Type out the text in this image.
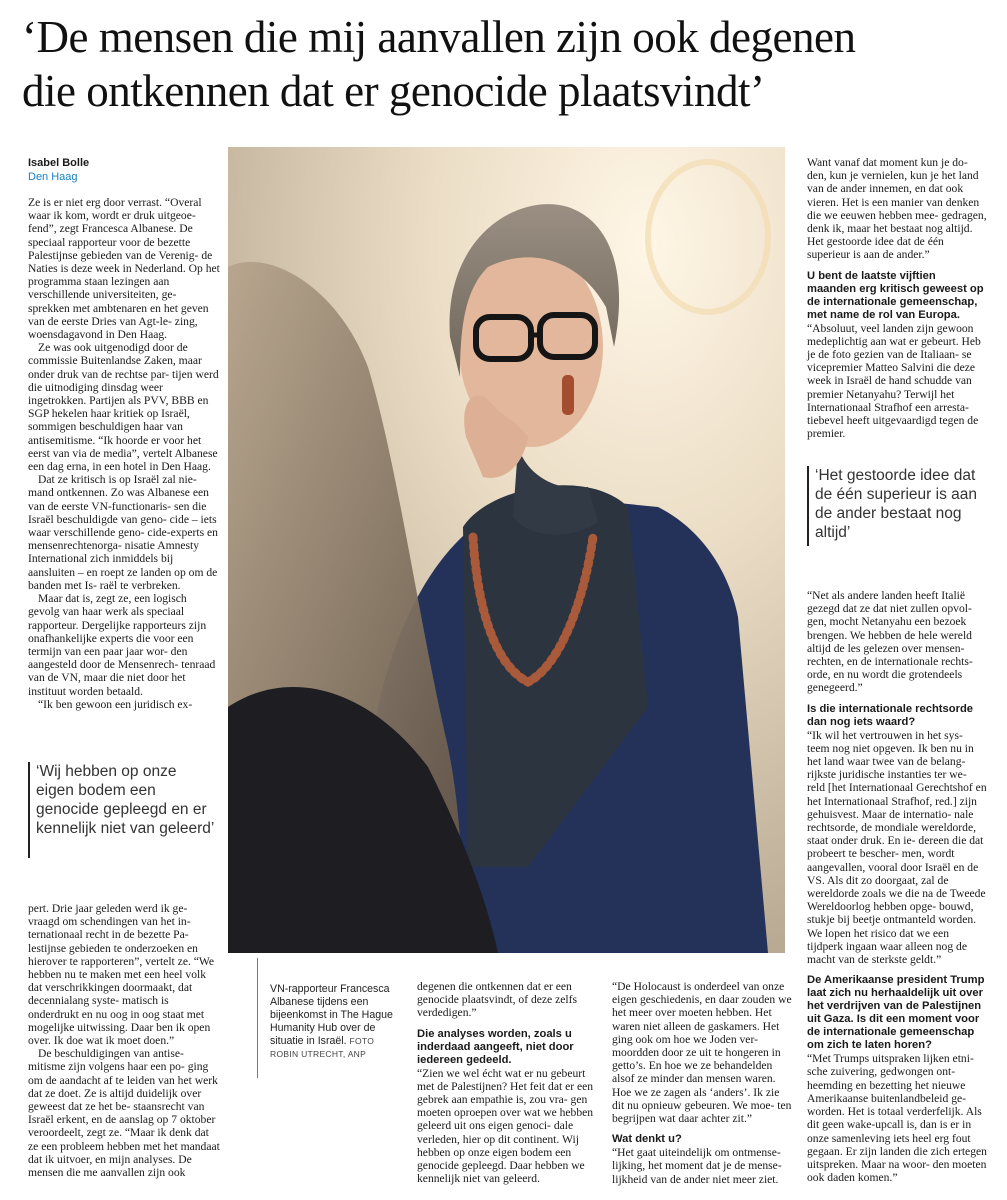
‘De mensen die mij aanvallen zijn ook degenen
die ontkennen dat er genocide plaatsvindt’
Isabel Bolle
Den Haag

Ze is er niet erg door verrast. “Overal waar ik kom, wordt er druk uitgeoe- fend”, zegt Francesca Albanese. De speciaal rapporteur voor de bezette Palestijnse gebieden van de Verenig- de Naties is deze week in Nederland. Op het programma staan lezingen aan verschillende universiteiten, ge- sprekken met ambtenaren en het geven van de eerste Dries van Agt-le- zing, woensdagavond in Den Haag.

Ze was ook uitgenodigd door de commissie Buitenlandse Zaken, maar onder druk van de rechtse par- tijen werd die uitnodiging dinsdag weer ingetrokken. Partijen als PVV, BBB en SGP hekelen haar kritiek op Israël, sommigen beschuldigen haar van antisemitisme. “Ik hoorde er voor het eerst van via de media”, vertelt Albanese een dag erna, in een hotel in Den Haag.

Dat ze kritisch is op Israël zal nie- mand ontkennen. Zo was Albanese een van de eerste VN-functionaris- sen die Israël beschuldigde van geno- cide – iets waar verschillende geno- cide-experts en mensenrechtenorga- nisatie Amnesty International zich inmiddels bij aansluiten – en roept ze landen op om de banden met Is- raël te verbreken.

Maar dat is, zegt ze, een logisch gevolg van haar werk als speciaal rapporteur. Dergelijke rapporteurs zijn onafhankelijke experts die voor een termijn van een paar jaar wor- den aangesteld door de Mensenrech- tenraad van de VN, maar die niet door het instituut worden betaald.

“Ik ben gewoon een juridisch ex-

‘Wij hebben op onze eigen bodem een genocide gepleegd en er kennelijk niet van geleerd’

pert. Drie jaar geleden werd ik ge- vraagd om schendingen van het in- ternationaal recht in de bezette Pa- lestijnse gebieden te onderzoeken en hierover te rapporteren”, vertelt ze. “We hebben nu te maken met een heel volk dat verschrikkingen doormaakt, dat decennialang syste- matisch is onderdrukt en nu oog in oog staat met mogelijke uitwissing. Daar ben ik open over. Ik doe wat ik moet doen.”

De beschuldigingen van antise- mitisme zijn volgens haar een po- ging om de aandacht af te leiden van het werk dat ze doet. Ze is altijd duidelijk over geweest dat ze het be- staansrecht van Israël erkent, en de aanslag op 7 oktober veroordeelt, zegt ze. “Maar ik denk dat ze een probleem hebben met het mandaat dat ik uitvoer, en mijn analyses. De mensen die me aanvallen zijn ook

VN-rapporteur Francesca Albanese tijdens een bijeenkomst in The Hague Humanity Hub over de situatie in Israël. FOTO
ROBIN UTRECHT, ANP

degenen die ontkennen dat er een genocide plaatsvindt, of deze zelfs verdedigen.”

Die analyses worden, zoals u inderdaad aangeeft, niet door iedereen gedeeld.

“Zien we wel écht wat er nu gebeurt met de Palestijnen? Het feit dat er een gebrek aan empathie is, zou vra- gen moeten oproepen over wat we hebben geleerd uit ons eigen genoci- dale verleden, hier op dit continent. Wij hebben op onze eigen bodem een genocide gepleegd. Daar hebben we kennelijk niet van geleerd.

“De Holocaust is onderdeel van onze eigen geschiedenis, en daar zouden we het meer over moeten hebben. Het waren niet alleen de gaskamers. Het ging ook om hoe we Joden ver- moordden door ze uit te hongeren in getto’s. En hoe we ze behandelden alsof ze minder dan mensen waren. Hoe we ze zagen als ‘anders’. Ik zie dit nu opnieuw gebeuren. We moe- ten begrijpen wat daar achter zit.”

Wat denkt u?

“Het gaat uiteindelijk om ontmense- lijking, het moment dat je de mense- lijkheid van de ander niet meer ziet.

Want vanaf dat moment kun je do- den, kun je vernielen, kun je het land van de ander innemen, en dat ook vieren. Het is een manier van denken die we eeuwen hebben mee- gedragen, denk ik, maar het bestaat nog altijd. Het gestoorde idee dat de één superieur is aan de ander.”

U bent de laatste vijftien maanden erg kritisch geweest op de internationale gemeenschap, met name de rol van Europa.

“Absoluut, veel landen zijn gewoon medeplichtig aan wat er gebeurt. Heb je de foto gezien van de Italiaan- se vicepremier Matteo Salvini die deze week in Israël de hand schudde van premier Netanyahu? Terwijl het Internationaal Strafhof een arresta- tiebevel heeft uitgevaardigd tegen de premier.

‘Het gestoorde idee dat de één superieur is aan de ander bestaat nog altijd’

“Net als andere landen heeft Italië gezegd dat ze dat niet zullen opvol- gen, mocht Netanyahu een bezoek brengen. We hebben de hele wereld altijd de les gelezen over mensen- rechten, en de internationale rechts- orde, en nu wordt die grotendeels genegeerd.”

Is die internationale rechtsorde dan nog iets waard?

“Ik wil het vertrouwen in het sys- teem nog niet opgeven. Ik ben nu in het land waar twee van de belang- rijkste juridische instanties ter we- reld [het Internationaal Gerechtshof en het Internationaal Strafhof, red.] zijn gehuisvest. Maar de internatio- nale rechtsorde, de mondiale wereldorde, staat onder druk. En ie- dereen die dat probeert te bescher- men, wordt aangevallen, vooral door Israël en de VS. Als dit zo doorgaat, zal de wereldorde zoals we die na de Tweede Wereldoorlog hebben opge- bouwd, stukje bij beetje ontmanteld worden. We lopen het risico dat we een tijdperk ingaan waar alleen nog de macht van de sterkste geldt.”

De Amerikaanse president Trump laat zich nu herhaaldelijk uit over het verdrijven van de Palestijnen uit Gaza. Is dit een moment voor de internationale gemeenschap om zich te laten horen?

“Met Trumps uitspraken lijken etni- sche zuivering, gedwongen ont- heemding en bezetting het nieuwe Amerikaanse buitenlandbeleid ge- worden. Het is totaal verderfelijk. Als dit geen wake-upcall is, dan is er in onze samenleving iets heel erg fout gegaan. Er zijn landen die zich ertegen uitspreken. Maar na woor- den moeten ook daden komen.”
